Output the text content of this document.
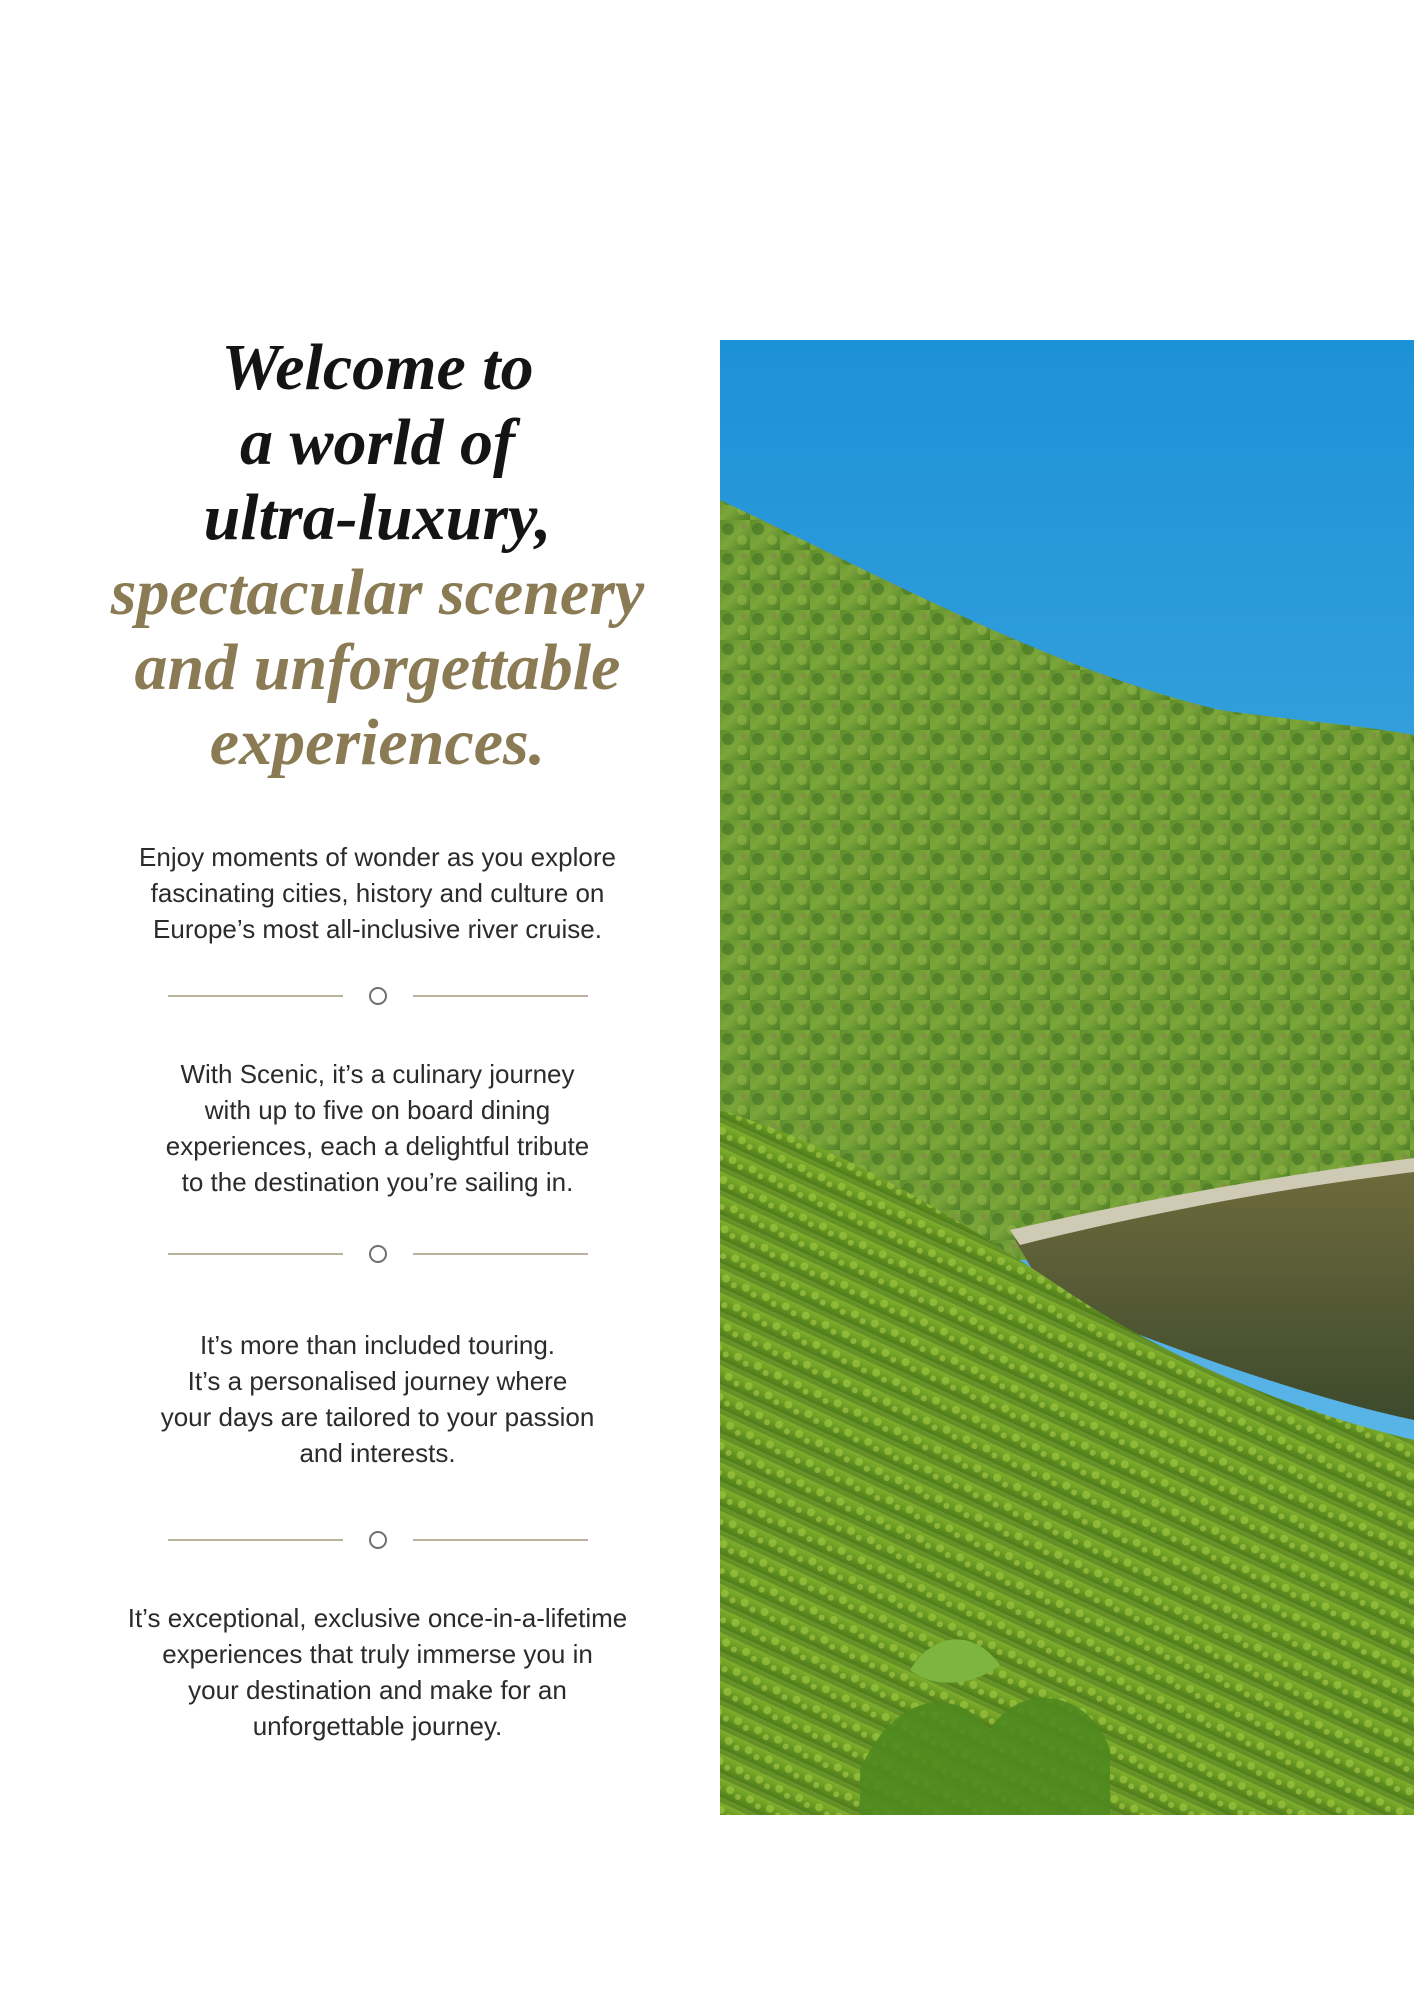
Welcome to
a world of
ultra-luxury,
spectacular scenery
and unforgettable
experiences.

Enjoy moments of wonder as you explore
fascinating cities, history and culture on
Europe’s most all-inclusive river cruise.

With Scenic, it’s a culinary journey
with up to five on board dining
experiences, each a delightful tribute
to the destination you’re sailing in.

It’s more than included touring.
It’s a personalised journey where
your days are tailored to your passion
and interests.

It’s exceptional, exclusive once-in-a-lifetime
experiences that truly immerse you in
your destination and make for an
unforgettable journey.
